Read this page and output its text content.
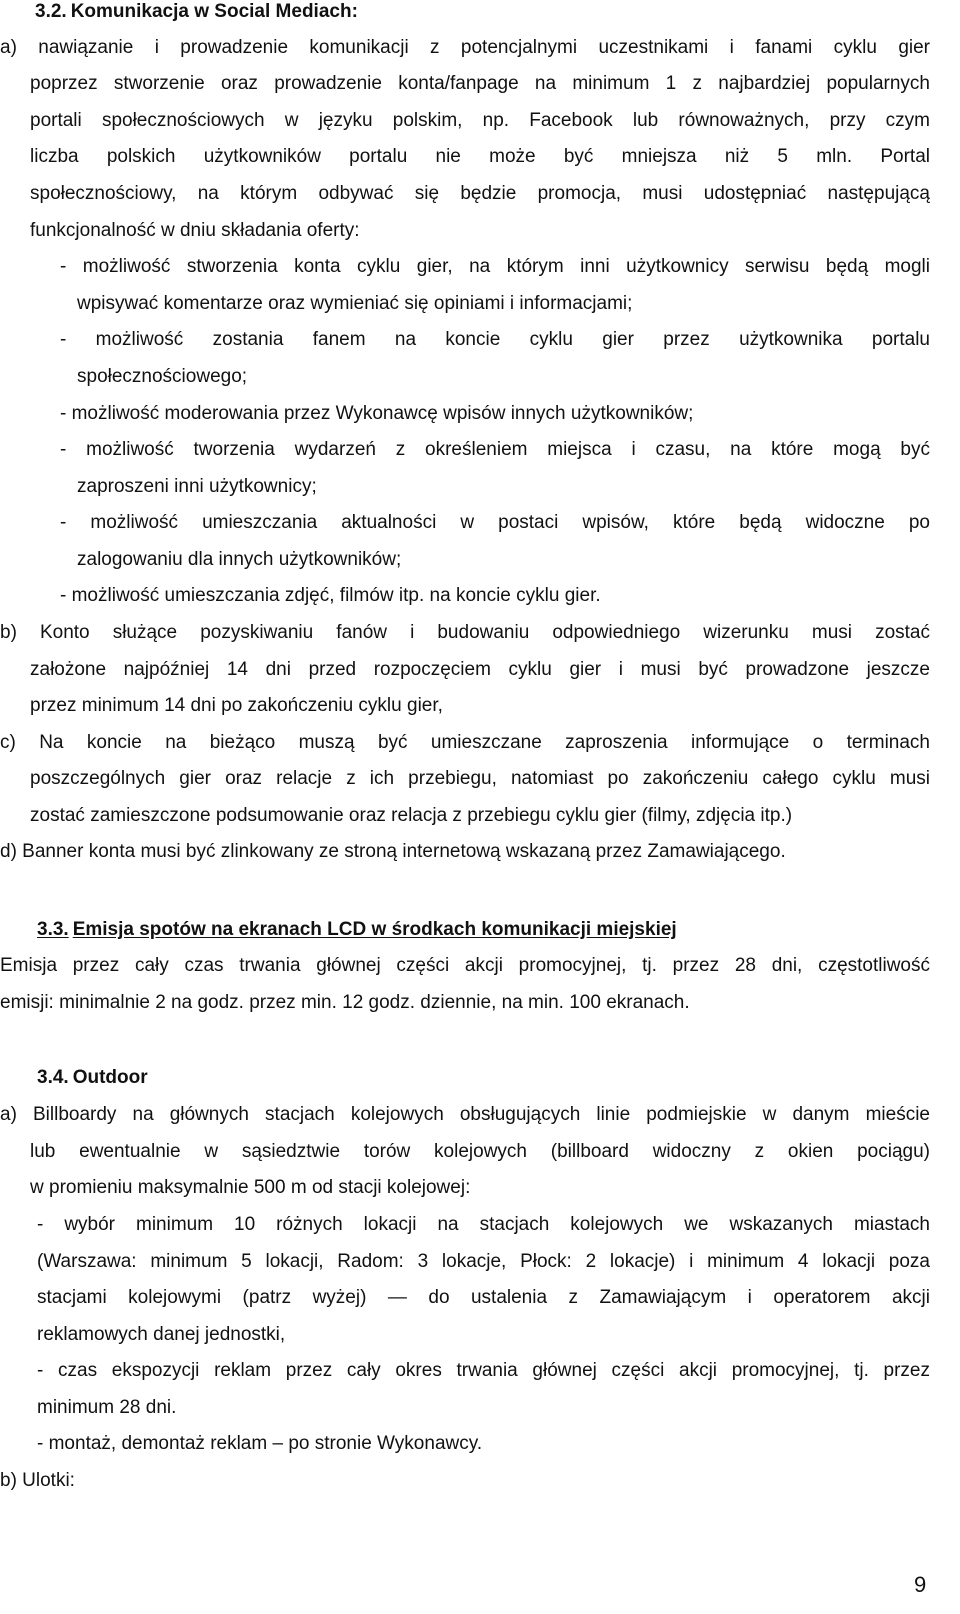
3.2. Komunikacja w Social Mediach:
a) nawiązanie i prowadzenie komunikacji z potencjalnymi uczestnikami i fanami cyklu gier
poprzez stworzenie oraz prowadzenie konta/fanpage na minimum 1 z najbardziej popularnych
portali społecznościowych w języku polskim, np. Facebook lub równoważnych, przy czym
liczba polskich użytkowników portalu nie może być mniejsza niż 5 mln. Portal
społecznościowy, na którym odbywać się będzie promocja, musi udostępniać następującą
funkcjonalność w dniu składania oferty:
- możliwość stworzenia konta cyklu gier, na którym inni użytkownicy serwisu będą mogli
wpisywać komentarze oraz wymieniać się opiniami i informacjami;
- możliwość zostania fanem na koncie cyklu gier przez użytkownika portalu
społecznościowego;
- możliwość moderowania przez Wykonawcę wpisów innych użytkowników;
- możliwość tworzenia wydarzeń z określeniem miejsca i czasu, na które mogą być
zaproszeni inni użytkownicy;
- możliwość umieszczania aktualności w postaci wpisów, które będą widoczne po
zalogowaniu dla innych użytkowników;
- możliwość umieszczania zdjęć, filmów itp. na koncie cyklu gier.
b) Konto służące pozyskiwaniu fanów i budowaniu odpowiedniego wizerunku musi zostać
założone najpóźniej 14 dni przed rozpoczęciem cyklu gier i musi być prowadzone jeszcze
przez minimum 14 dni po zakończeniu cyklu gier,
c) Na koncie na bieżąco muszą być umieszczane zaproszenia informujące o terminach
poszczególnych gier oraz relacje z ich przebiegu, natomiast po zakończeniu całego cyklu musi
zostać zamieszczone podsumowanie oraz relacja z przebiegu cyklu gier (filmy, zdjęcia itp.)
d) Banner konta musi być zlinkowany ze stroną internetową wskazaną przez Zamawiającego.
3.3. Emisja spotów na ekranach LCD w środkach komunikacji miejskiej
Emisja przez cały czas trwania głównej części akcji promocyjnej, tj. przez 28 dni, częstotliwość
emisji: minimalnie 2 na godz. przez min. 12 godz. dziennie, na min. 100 ekranach.
3.4. Outdoor
a) Billboardy na głównych stacjach kolejowych obsługujących linie podmiejskie w danym mieście
lub ewentualnie w sąsiedztwie torów kolejowych (billboard widoczny z okien pociągu)
w promieniu maksymalnie 500 m od stacji kolejowej:
- wybór minimum 10 różnych lokacji na stacjach kolejowych we wskazanych miastach
(Warszawa: minimum 5 lokacji, Radom: 3 lokacje, Płock: 2 lokacje) i minimum 4 lokacji poza
stacjami kolejowymi (patrz wyżej) — do ustalenia z Zamawiającym i operatorem akcji
reklamowych danej jednostki,
- czas ekspozycji reklam przez cały okres trwania głównej części akcji promocyjnej, tj. przez
minimum 28 dni.
- montaż, demontaż reklam – po stronie Wykonawcy.
b) Ulotki:
9
